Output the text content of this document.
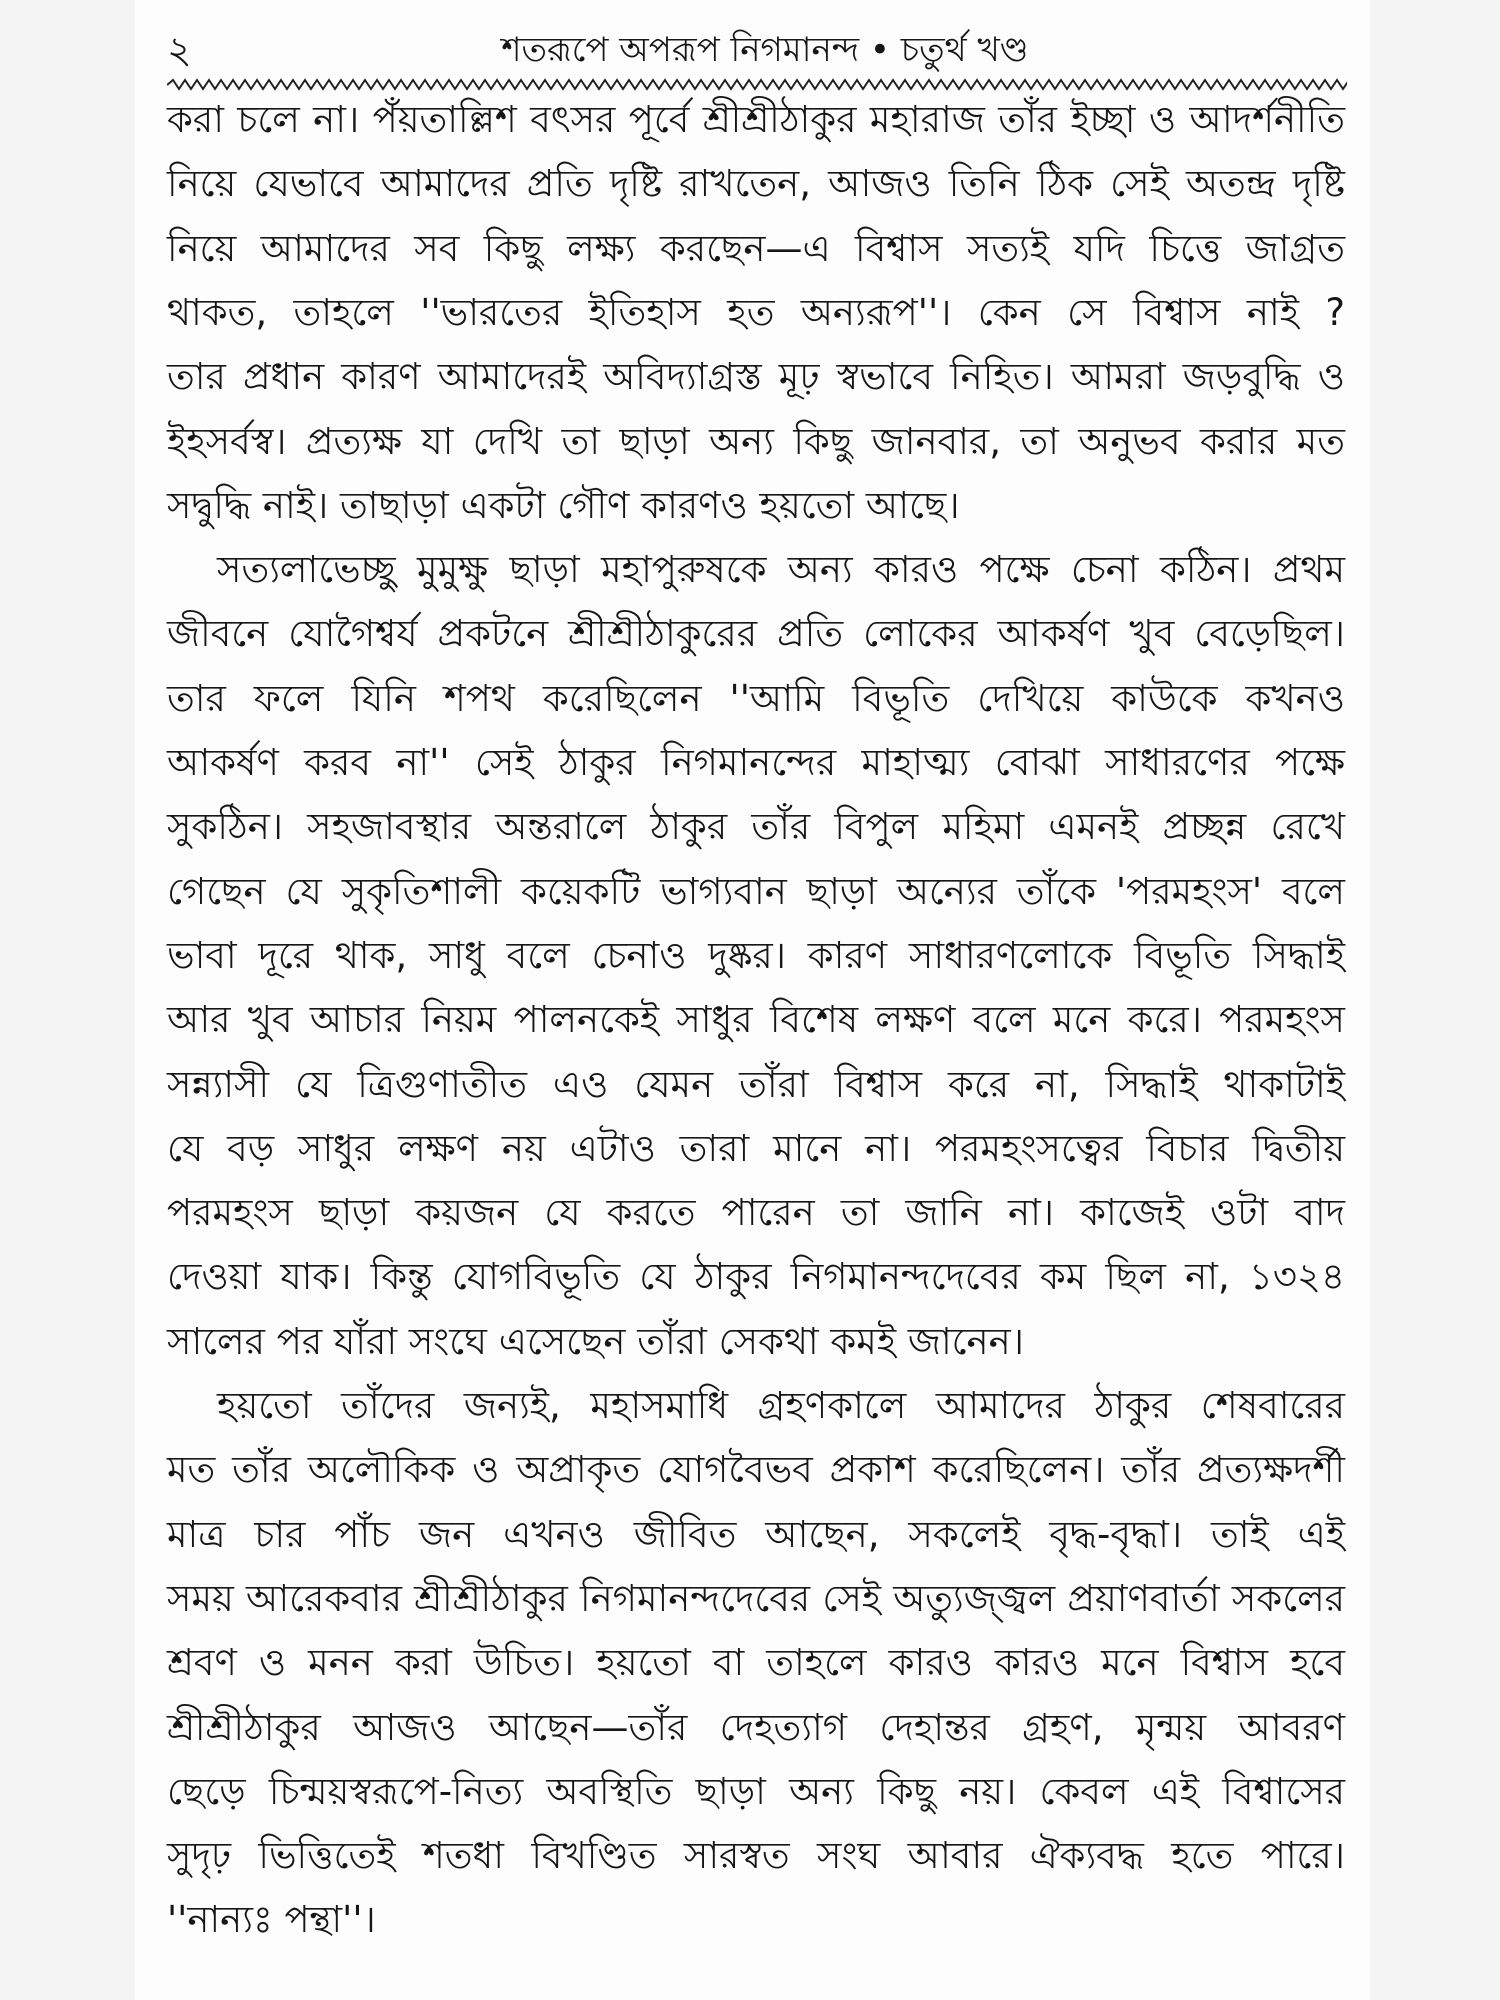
২	শতরূপে অপরূপ নিগমানন্দ • চতুর্থ খণ্ড
করা চলে না। পঁয়তাল্লিশ বৎসর পূর্বে শ্রীশ্রীঠাকুর মহারাজ তাঁর ইচ্ছা ও আদর্শনীতি
নিয়ে যেভাবে আমাদের প্রতি দৃষ্টি রাখতেন, আজও তিনি ঠিক সেই অতন্দ্র দৃষ্টি
নিয়ে আমাদের সব কিছু লক্ষ্য করছেন—এ বিশ্বাস সত্যই যদি চিত্তে জাগ্রত
থাকত, তাহলে ''ভারতের ইতিহাস হত অন্যরূপ''। কেন সে বিশ্বাস নাই ?
তার প্রধান কারণ আমাদেরই অবিদ্যাগ্রস্ত মূঢ় স্বভাবে নিহিত। আমরা জড়বুদ্ধি ও
ইহসর্বস্ব। প্রত্যক্ষ যা দেখি তা ছাড়া অন্য কিছু জানবার, তা অনুভব করার মত
সদ্বুদ্ধি নাই। তাছাড়া একটা গৌণ কারণও হয়তো আছে।
সত্যলাভেচ্ছু মুমুক্ষু ছাড়া মহাপুরুষকে অন্য কারও পক্ষে চেনা কঠিন। প্রথম
জীবনে যোগৈশ্বর্য প্রকটনে শ্রীশ্রীঠাকুরের প্রতি লোকের আকর্ষণ খুব বেড়েছিল।
তার ফলে যিনি শপথ করেছিলেন ''আমি বিভূতি দেখিয়ে কাউকে কখনও
আকর্ষণ করব না'' সেই ঠাকুর নিগমানন্দের মাহাত্ম্য বোঝা সাধারণের পক্ষে
সুকঠিন। সহজাবস্থার অন্তরালে ঠাকুর তাঁর বিপুল মহিমা এমনই প্রচ্ছন্ন রেখে
গেছেন যে সুকৃতিশালী কয়েকটি ভাগ্যবান ছাড়া অন্যের তাঁকে 'পরমহংস' বলে
ভাবা দূরে থাক, সাধু বলে চেনাও দুষ্কর। কারণ সাধারণলোকে বিভূতি সিদ্ধাই
আর খুব আচার নিয়ম পালনকেই সাধুর বিশেষ লক্ষণ বলে মনে করে। পরমহংস
সন্ন্যাসী যে ত্রিগুণাতীত এও যেমন তাঁরা বিশ্বাস করে না, সিদ্ধাই থাকাটাই
যে বড় সাধুর লক্ষণ নয় এটাও তারা মানে না। পরমহংসত্বের বিচার দ্বিতীয়
পরমহংস ছাড়া কয়জন যে করতে পারেন তা জানি না। কাজেই ওটা বাদ
দেওয়া যাক। কিন্তু যোগবিভূতি যে ঠাকুর নিগমানন্দদেবের কম ছিল না, ১৩২৪
সালের পর যাঁরা সংঘে এসেছেন তাঁরা সেকথা কমই জানেন।
হয়তো তাঁদের জন্যই, মহাসমাধি গ্রহণকালে আমাদের ঠাকুর শেষবারের
মত তাঁর অলৌকিক ও অপ্রাকৃত যোগবৈভব প্রকাশ করেছিলেন। তাঁর প্রত্যক্ষদর্শী
মাত্র চার পাঁচ জন এখনও জীবিত আছেন, সকলেই বৃদ্ধ-বৃদ্ধা। তাই এই
সময় আরেকবার শ্রীশ্রীঠাকুর নিগমানন্দদেবের সেই অত্যুজ্জ্বল প্রয়াণবার্তা সকলের
শ্রবণ ও মনন করা উচিত। হয়তো বা তাহলে কারও কারও মনে বিশ্বাস হবে
শ্রীশ্রীঠাকুর আজও আছেন—তাঁর দেহত্যাগ দেহান্তর গ্রহণ, মৃন্ময় আবরণ
ছেড়ে চিন্ময়স্বরূপে-নিত্য অবস্থিতি ছাড়া অন্য কিছু নয়। কেবল এই বিশ্বাসের
সুদৃঢ় ভিত্তিতেই শতধা বিখণ্ডিত সারস্বত সংঘ আবার ঐক্যবদ্ধ হতে পারে।
''নান্যঃ পন্থা''।
